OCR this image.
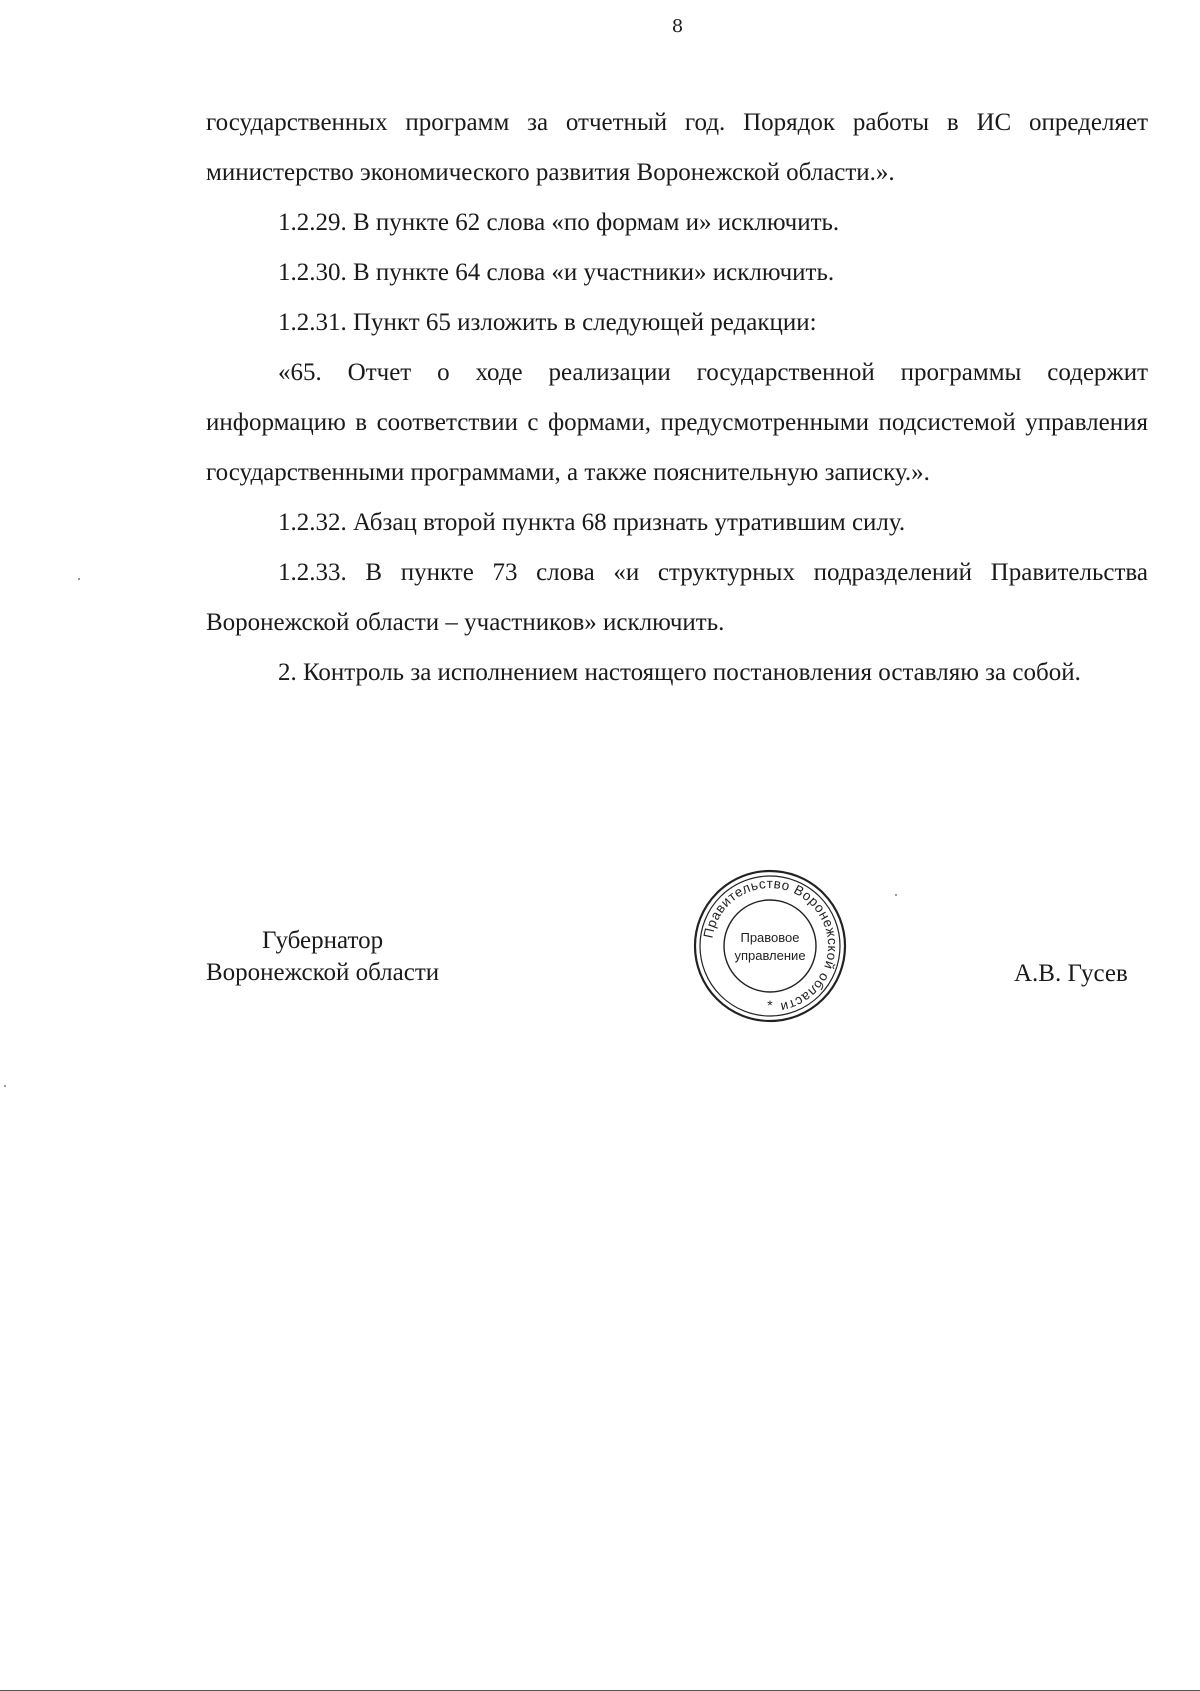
8

государственных программ за отчетный год. Порядок работы в ИС определяет министерство экономического развития Воронежской области.».

1.2.29. В пункте 62 слова «по формам и» исключить.

1.2.30. В пункте 64 слова «и участники» исключить.

1.2.31. Пункт 65 изложить в следующей редакции:

«65. Отчет о ходе реализации государственной программы содержит информацию в соответствии с формами, предусмотренными подсистемой управления государственными программами, а также пояснительную записку.».

1.2.32. Абзац второй пункта 68 признать утратившим силу.

1.2.33. В пункте 73 слова «и структурных подразделений Правительства Воронежской области – участников» исключить.

2. Контроль за исполнением настоящего постановления оставляю за собой.

Губернатор
Воронежской области	А.В. Гусев
Правительство Воронежской области
Правовое
управление
*
